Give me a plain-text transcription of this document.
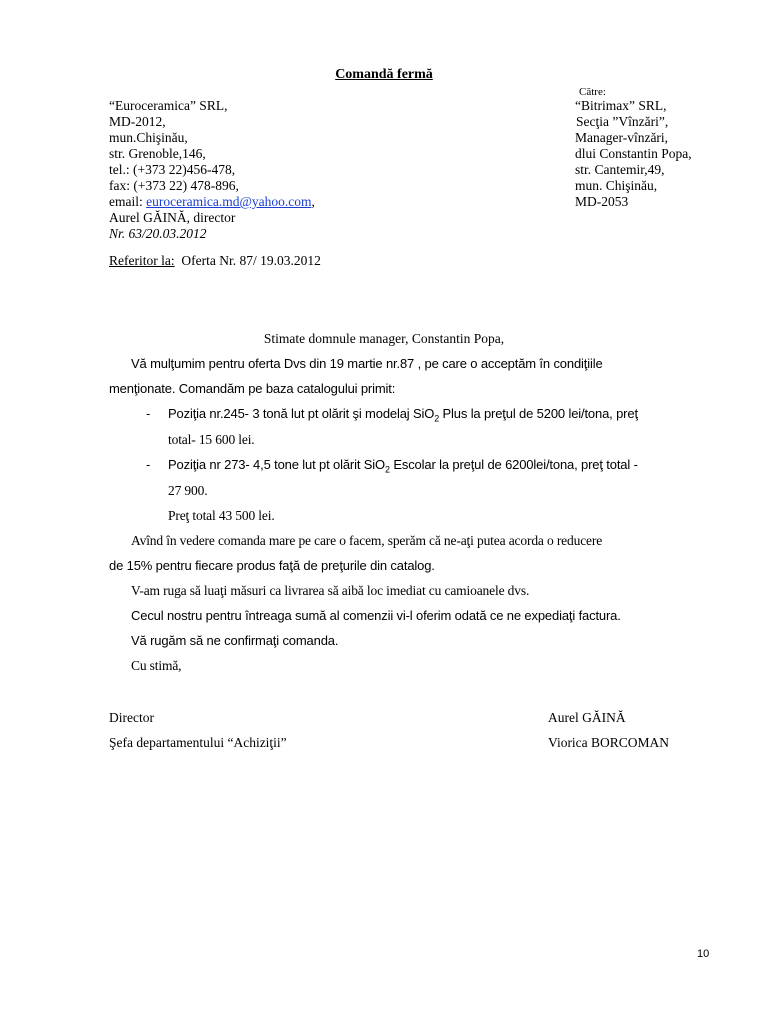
Comandă fermă
“Euroceramica” SRL,
MD-2012,
mun.Chişinău,
str. Grenoble,146,
tel.: (+373 22)456-478,
fax: (+373 22) 478-896,
email: euroceramica.md@yahoo.com,
Aurel GĂINĂ, director
Nr. 63/20.03.2012
Către:
“Bitrimax” SRL,
Secţia ”Vînzări”,
Manager-vînzări,
dlui Constantin Popa,
str. Cantemir,49,
mun. Chişinău,
MD-2053
Referitor la: Oferta Nr. 87/ 19.03.2012
Stimate domnule manager, Constantin Popa,
Vă mulţumim pentru oferta Dvs din 19 martie nr.87 , pe care o acceptăm în condiţiile
menţionate. Comandăm pe baza catalogului primit:
- Poziţia nr.245- 3 tonă lut pt olărit şi modelaj SiO$_2$ Plus la preţul de 5200 lei/tona, preţ
total- 15 600 lei.
- Poziţia nr 273- 4,5 tone lut pt olărit SiO$_2$ Escolar la preţul de 6200lei/tona, preţ total -
27 900.
Preţ total 43 500 lei.
Avînd în vedere comanda mare pe care o facem, sperăm că ne-aţi putea acorda o reducere
de 15% pentru fiecare produs faţă de preţurile din catalog.
V-am ruga să luaţi măsuri ca livrarea să aibă loc imediat cu camioanele dvs.
Cecul nostru pentru întreaga sumă al comenzii vi-l oferim odată ce ne expediaţi factura.
Vă rugăm să ne confirmaţi comanda.
Cu stimă,
Director	Aurel GĂINĂ
Şefa departamentului “Achiziţii”	Viorica BORCOMAN
10
